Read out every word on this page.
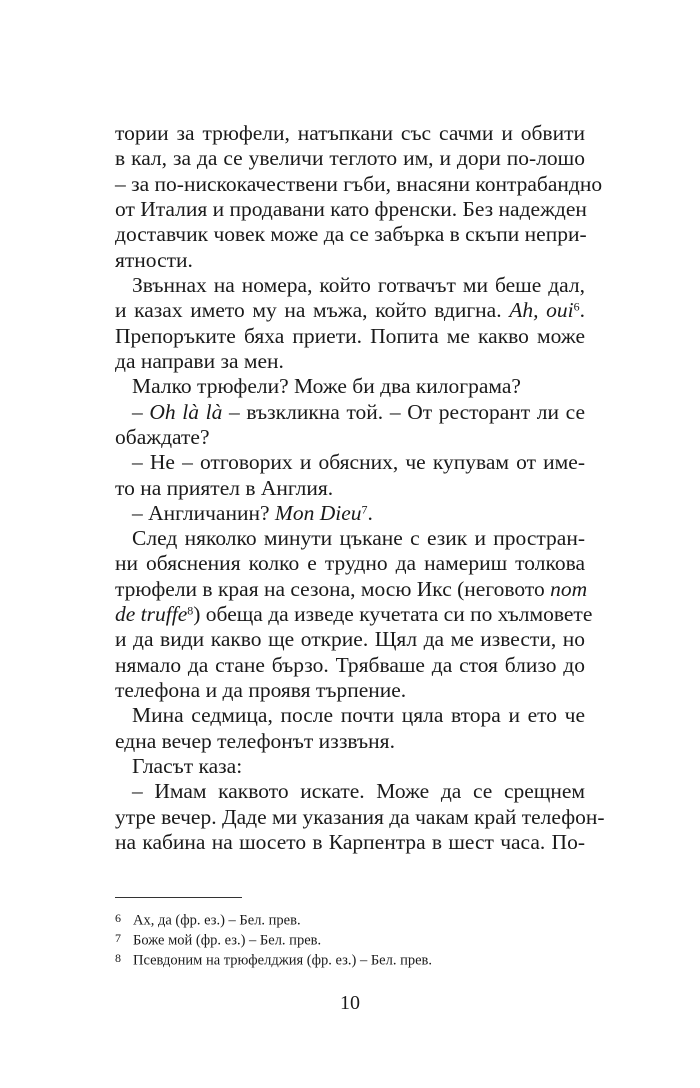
тории за трюфели, натъпкани със сачми и обвити
в кал, за да се увеличи теглото им, и дори по-лошо
– за по-нискокачествени гъби, внасяни контрабандно
от Италия и продавани като френски. Без надежден
доставчик човек може да се забърка в скъпи непри-
ятности.
Звъннах на номера, който готвачът ми беше дал,
и казах името му на мъжа, който вдигна. Ah, oui$^6$.
Препоръките бяха приети. Попита ме какво може
да направи за мен.
Малко трюфели? Може би два килограма?
– Oh là là – възкликна той. – От ресторант ли се
обаждате?
– Не – отговорих и обясних, че купувам от име-
то на приятел в Англия.
– Англичанин? Mon Dieu$^7$.
След няколко минути цъкане с език и простран-
ни обяснения колко е трудно да намериш толкова
трюфели в края на сезона, мосю Икс (неговото nom
de truffe$^8$) обеща да изведе кучетата си по хълмовете
и да види какво ще открие. Щял да ме извести, но
нямало да стане бързо. Трябваше да стоя близо до
телефона и да проявя търпение.
Мина седмица, после почти цяла втора и ето че
една вечер телефонът иззвъня.
Гласът каза:
– Имам каквото искате. Може да се срещнем
утре вечер. Даде ми указания да чакам край телефон-
на кабина на шосето в Карпентра в шест часа. По-
6 Ах, да (фр. ез.) – Бел. прев.
7 Боже мой (фр. ез.) – Бел. прев.
8 Псевдоним на трюфелджия (фр. ез.) – Бел. прев.
10
